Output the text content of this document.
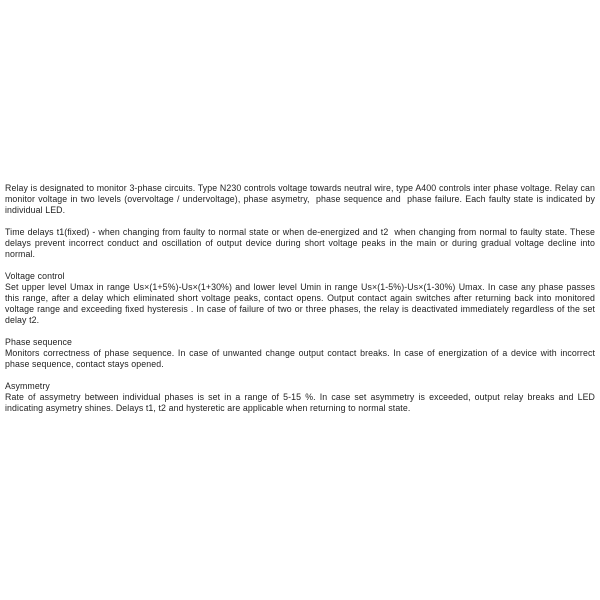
Relay is designated to monitor 3-phase circuits. Type N230 controls voltage towards neutral wire, type A400 controls inter phase voltage. Relay can monitor voltage in two levels (overvoltage / undervoltage), phase asymetry,  phase sequence and  phase failure. Each faulty state is indicated by individual LED.

Time delays t1(fixed) - when changing from faulty to normal state or when de-energized and t2  when changing from normal to faulty state. These delays prevent incorrect conduct and oscillation of output device during short voltage peaks in the main or during gradual voltage decline into normal.

Voltage control

Set upper level Umax in range Us×(1+5%)-Us×(1+30%) and lower level Umin in range Us×(1-5%)-Us×(1-30%) Umax. In case any phase passes this range, after a delay which eliminated short voltage peaks, contact opens. Output contact again switches after returning back into monitored voltage range and exceeding fixed hysteresis . In case of failure of two or three phases, the relay is deactivated immediately regardless of the set delay t2.

Phase sequence

Monitors correctness of phase sequence. In case of unwanted change output contact breaks. In case of energization of a device with incorrect phase sequence, contact stays opened.

Asymmetry

Rate of assymetry between individual phases is set in a range of 5-15 %. In case set asymmetry is exceeded, output relay breaks and LED indicating asymetry shines. Delays t1, t2 and hysteretic are applicable when returning to normal state.
